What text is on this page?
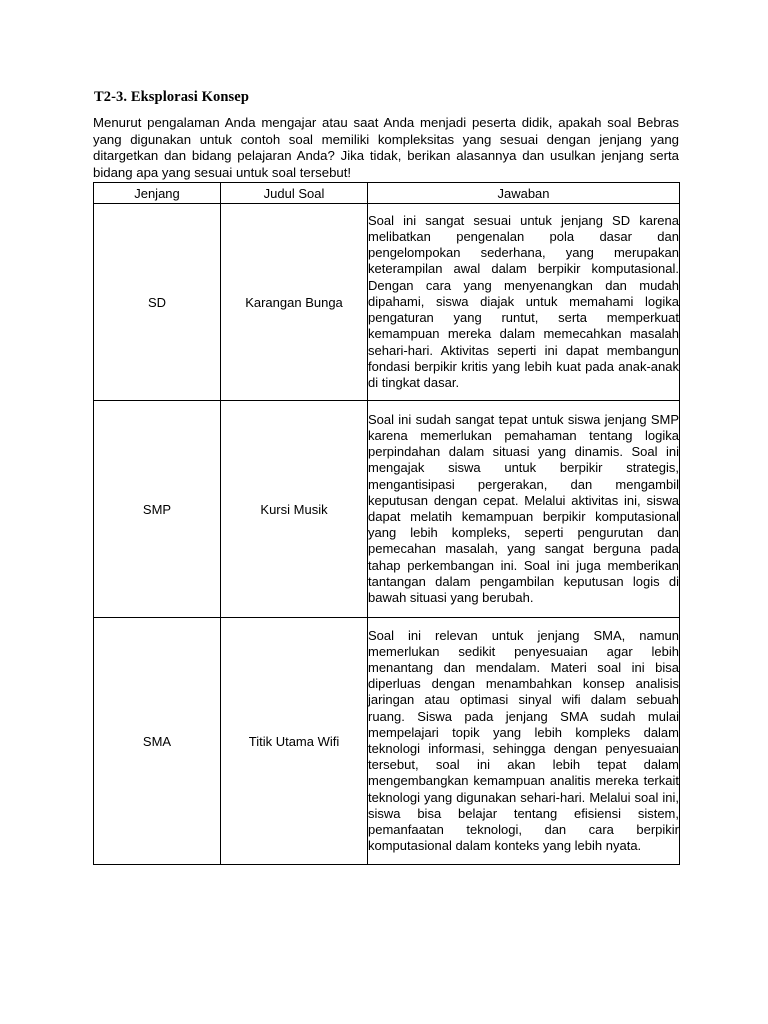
T2-3. Eksplorasi Konsep
Menurut pengalaman Anda mengajar atau saat Anda menjadi peserta didik, apakah soal Bebras yang digunakan untuk contoh soal memiliki kompleksitas yang sesuai dengan jenjang yang ditargetkan dan bidang pelajaran Anda? Jika tidak, berikan alasannya dan usulkan jenjang serta bidang apa yang sesuai untuk soal tersebut!
Jenjang	Judul Soal	Jawaban
SD	Karangan Bunga	Soal ini sangat sesuai untuk jenjang SD karena melibatkan pengenalan pola dasar dan pengelompokan sederhana, yang merupakan keterampilan awal dalam berpikir komputasional. Dengan cara yang menyenangkan dan mudah dipahami, siswa diajak untuk memahami logika pengaturan yang runtut, serta memperkuat kemampuan mereka dalam memecahkan masalah sehari-hari. Aktivitas seperti ini dapat membangun fondasi berpikir kritis yang lebih kuat pada anak-anak di tingkat dasar.
SMP	Kursi Musik	Soal ini sudah sangat tepat untuk siswa jenjang SMP karena memerlukan pemahaman tentang logika perpindahan dalam situasi yang dinamis. Soal ini mengajak siswa untuk berpikir strategis, mengantisipasi pergerakan, dan mengambil keputusan dengan cepat. Melalui aktivitas ini, siswa dapat melatih kemampuan berpikir komputasional yang lebih kompleks, seperti pengurutan dan pemecahan masalah, yang sangat berguna pada tahap perkembangan ini. Soal ini juga memberikan tantangan dalam pengambilan keputusan logis di bawah situasi yang berubah.
SMA	Titik Utama Wifi	Soal ini relevan untuk jenjang SMA, namun memerlukan sedikit penyesuaian agar lebih menantang dan mendalam. Materi soal ini bisa diperluas dengan menambahkan konsep analisis jaringan atau optimasi sinyal wifi dalam sebuah ruang. Siswa pada jenjang SMA sudah mulai mempelajari topik yang lebih kompleks dalam teknologi informasi, sehingga dengan penyesuaian tersebut, soal ini akan lebih tepat dalam mengembangkan kemampuan analitis mereka terkait teknologi yang digunakan sehari-hari. Melalui soal ini, siswa bisa belajar tentang efisiensi sistem, pemanfaatan teknologi, dan cara berpikir komputasional dalam konteks yang lebih nyata.
